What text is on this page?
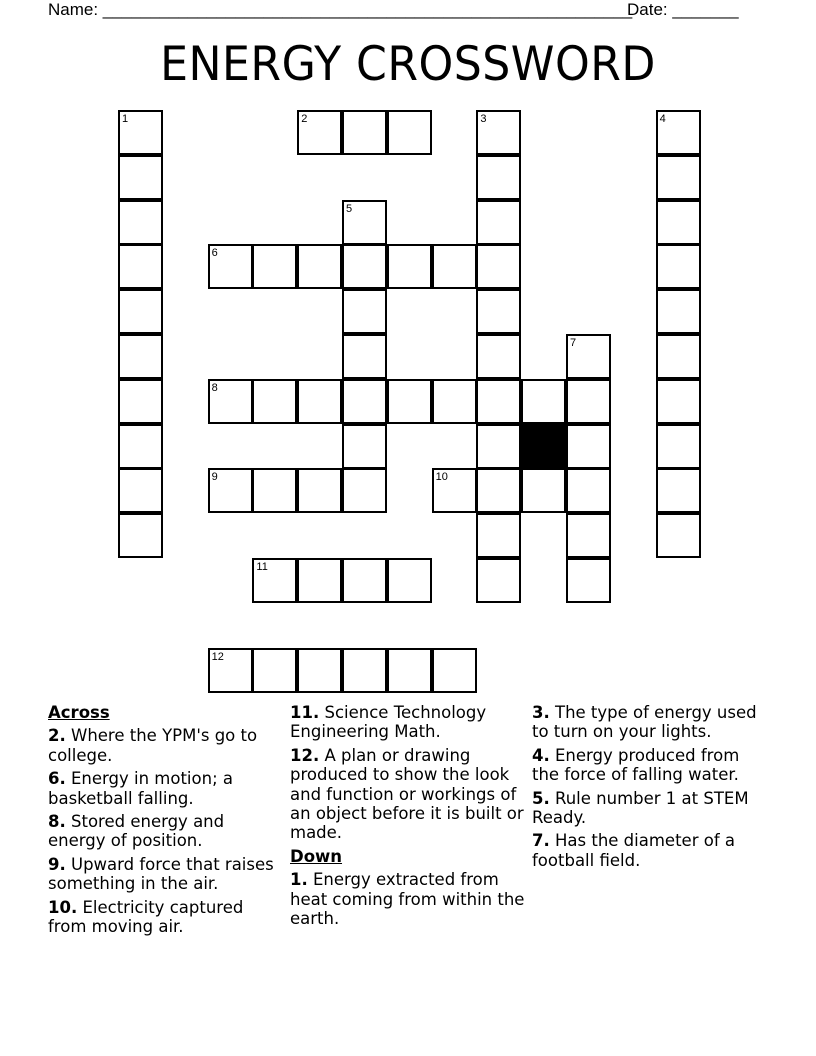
Name: ________________________________________________________
Date: _______
ENERGY CROSSWORD
1	2	3	4
5
6
7
8
9	10
11
12
Across
2. Where the YPM's go to college.
6. Energy in motion; a basketball falling.
8. Stored energy and energy of position.
9. Upward force that raises something in the air.
10. Electricity captured from moving air.
11. Science Technology Engineering Math.
12. A plan or drawing produced to show the look and function or workings of an object before it is built or made.
Down
1. Energy extracted from heat coming from within the earth.
3. The type of energy used to turn on your lights.
4. Energy produced from the force of falling water.
5. Rule number 1 at STEM Ready.
7. Has the diameter of a football field.
